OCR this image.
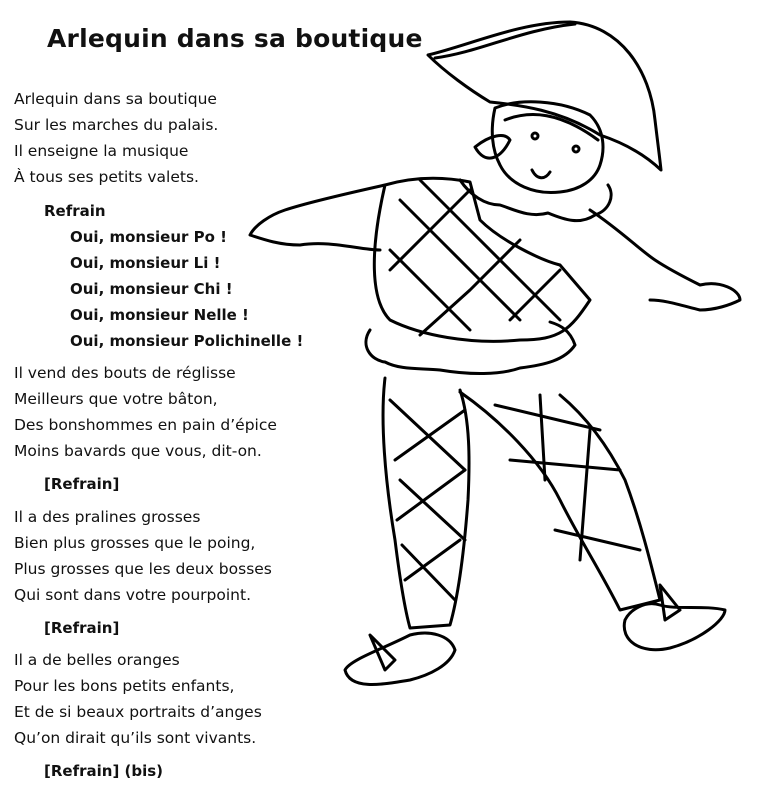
Arlequin dans sa boutique
Arlequin dans sa boutique
Sur les marches du palais.
Il enseigne la musique
À tous ses petits valets.
Refrain
Oui, monsieur Po !
Oui, monsieur Li !
Oui, monsieur Chi !
Oui, monsieur Nelle !
Oui, monsieur Polichinelle !
Il vend des bouts de réglisse
Meilleurs que votre bâton,
Des bonshommes en pain d’épice
Moins bavards que vous, dit-on.
[Refrain]
Il a des pralines grosses
Bien plus grosses que le poing,
Plus grosses que les deux bosses
Qui sont dans votre pourpoint.
[Refrain]
Il a de belles oranges
Pour les bons petits enfants,
Et de si beaux portraits d’anges
Qu’on dirait qu’ils sont vivants.
[Refrain] (bis)
